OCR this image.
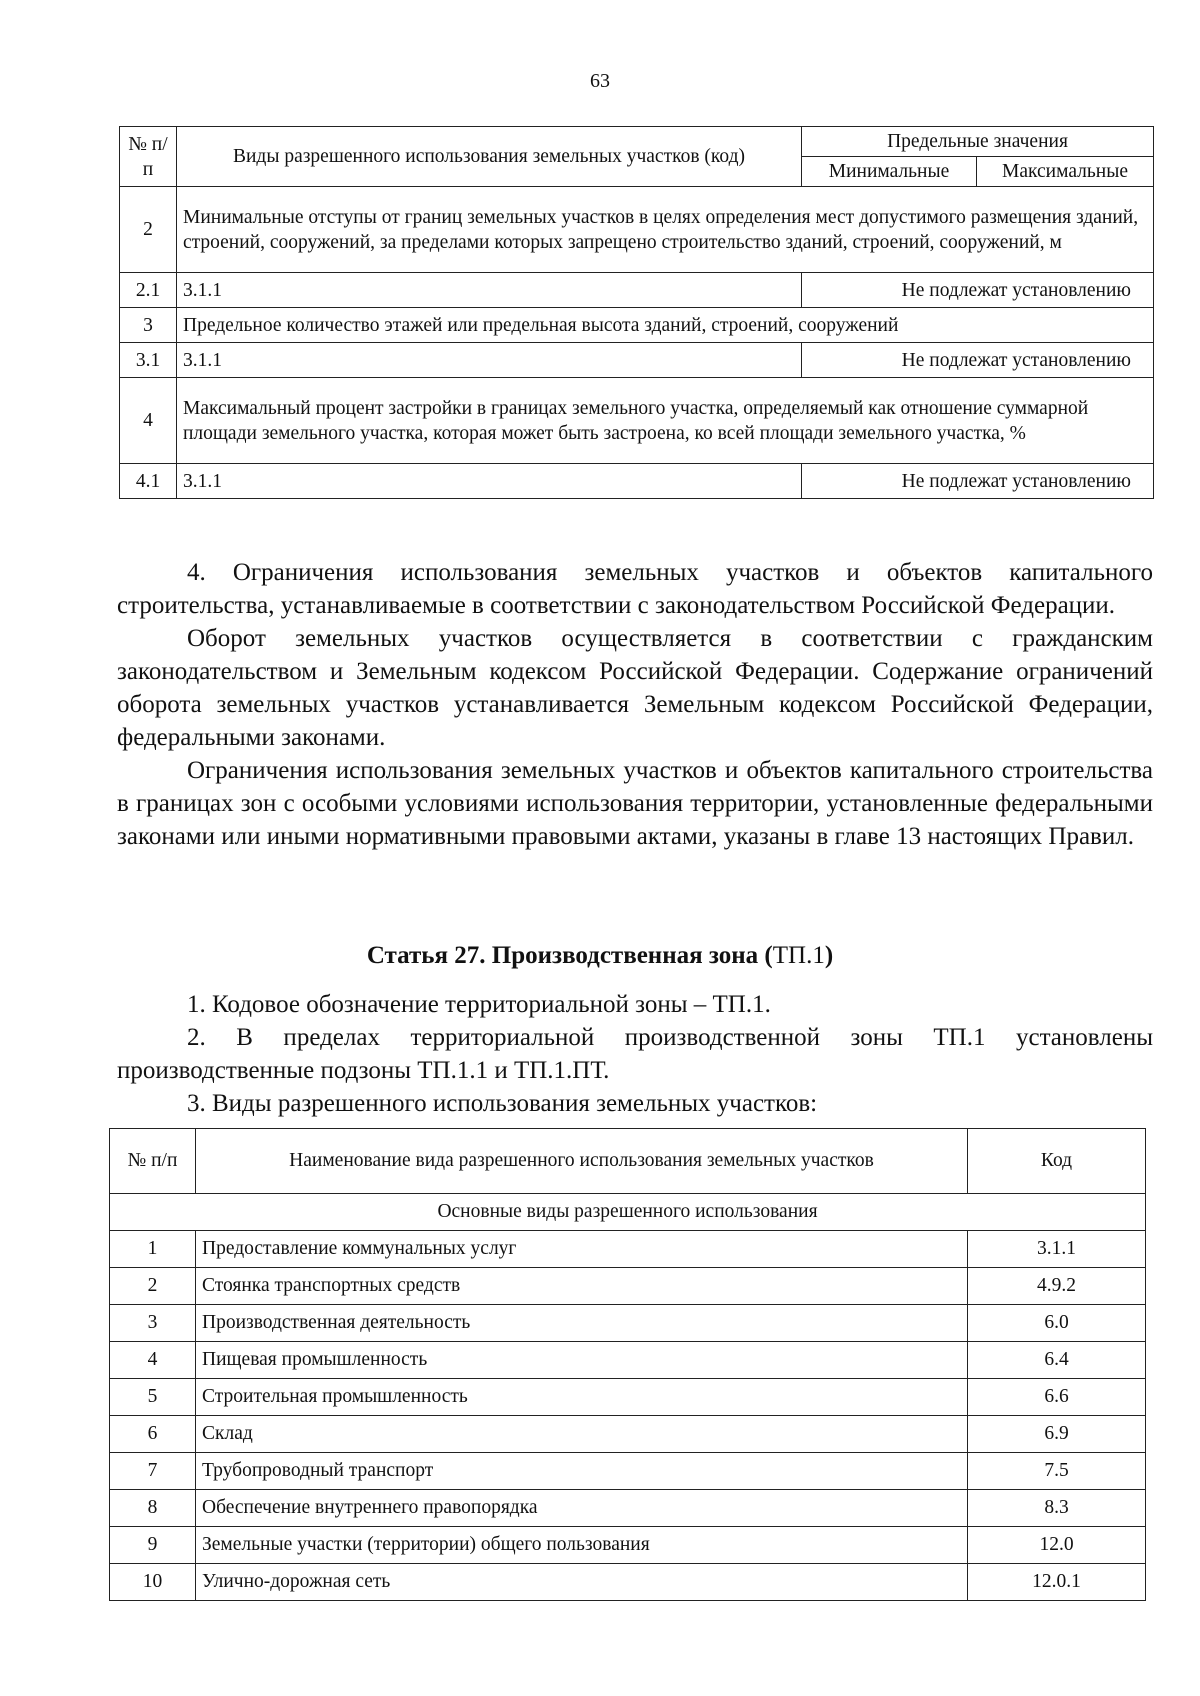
63
№ п/п	Виды разрешенного использования земельных участков (код)	Предельные значения	
		Минимальные	Максимальные
2	Минимальные отступы от границ земельных участков в целях определения мест допустимого размещения зданий, строений, сооружений, за пределами которых запрещено строительство зданий, строений, сооружений, м		
2.1	3.1.1	Не подлежат установлению	
3	Предельное количество этажей или предельная высота зданий, строений, сооружений		
3.1	3.1.1	Не подлежат установлению	
4	Максимальный процент застройки в границах земельного участка, определяемый как отношение суммарной площади земельного участка, которая может быть застроена, ко всей площади земельного участка, %		
4.1	3.1.1	Не подлежат установлению	

4. Ограничения использования земельных участков и объектов капитального строительства, устанавливаемые в соответствии с законодательством Российской Федерации.

Оборот земельных участков осуществляется в соответствии с гражданским законодательством и Земельным кодексом Российской Федерации. Содержание ограничений оборота земельных участков устанавливается Земельным кодексом Российской Федерации, федеральными законами.

Ограничения использования земельных участков и объектов капитального строительства в границах зон с особыми условиями использования территории, установленные федеральными законами или иными нормативными правовыми актами, указаны в главе 13 настоящих Правил.

Статья 27. Производственная зона (ТП.1)

1. Кодовое обозначение территориальной зоны – ТП.1.

2. В пределах территориальной производственной зоны ТП.1 установлены производственные подзоны ТП.1.1 и ТП.1.ПТ.

3. Виды разрешенного использования земельных участков:

№ п/п	Наименование вида разрешенного использования земельных участков	Код
Основные виды разрешенного использования		
1	Предоставление коммунальных услуг	3.1.1
2	Стоянка транспортных средств	4.9.2
3	Производственная деятельность	6.0
4	Пищевая промышленность	6.4
5	Строительная промышленность	6.6
6	Склад	6.9
7	Трубопроводный транспорт	7.5
8	Обеспечение внутреннего правопорядка	8.3
9	Земельные участки (территории) общего пользования	12.0
10	Улично-дорожная сеть	12.0.1
